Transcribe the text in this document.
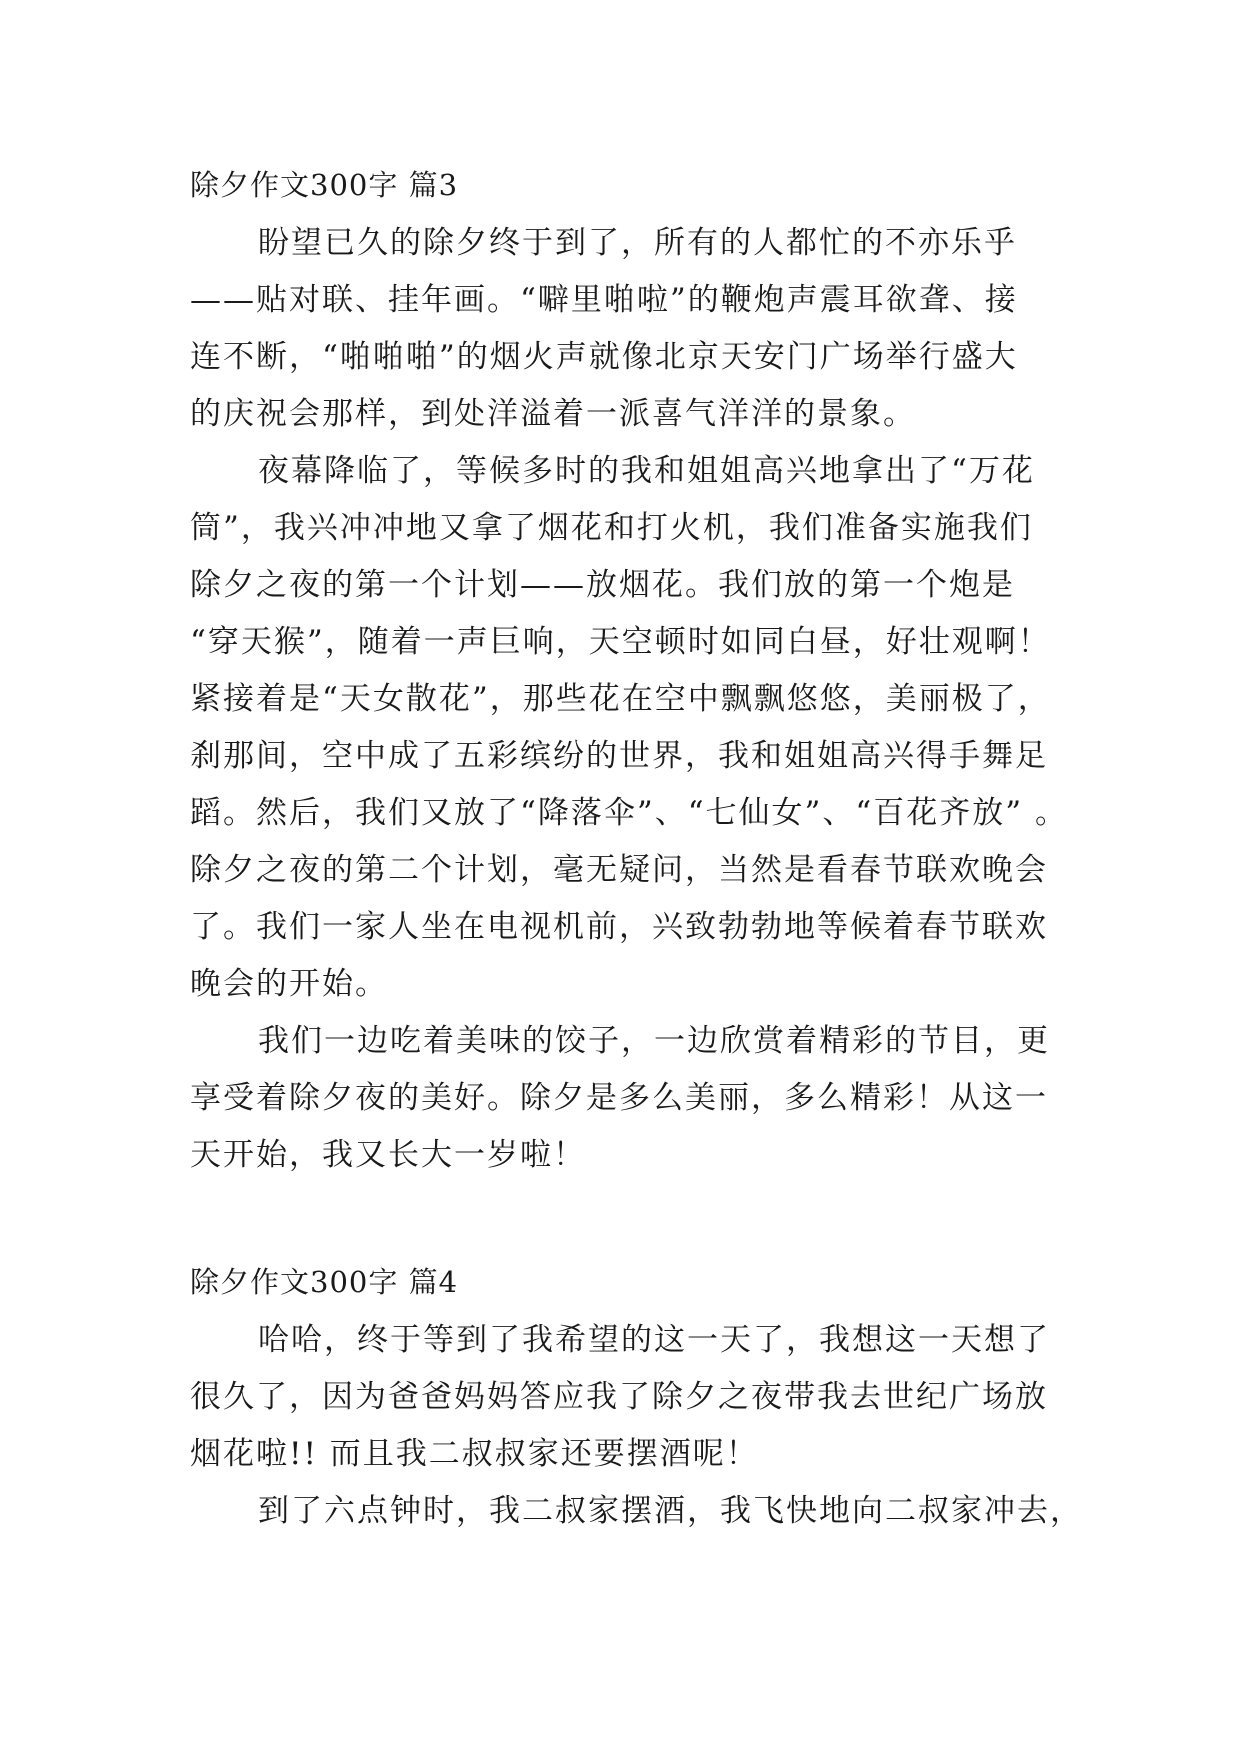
除夕作文300字 篇3
盼望已久的除夕终于到了，所有的人都忙的不亦乐乎
——贴对联、挂年画。“噼里啪啦”的鞭炮声震耳欲聋、接
连不断，“啪啪啪”的烟火声就像北京天安门广场举行盛大
的庆祝会那样，到处洋溢着一派喜气洋洋的景象。
夜幕降临了，等候多时的我和姐姐高兴地拿出了“万花
筒”，我兴冲冲地又拿了烟花和打火机，我们准备实施我们
除夕之夜的第一个计划——放烟花。我们放的第一个炮是
“穿天猴”，随着一声巨响，天空顿时如同白昼，好壮观啊！
紧接着是“天女散花”，那些花在空中飘飘悠悠，美丽极了，
刹那间，空中成了五彩缤纷的世界，我和姐姐高兴得手舞足
蹈。然后，我们又放了“降落伞”、“七仙女”、“百花齐放” 。
除夕之夜的第二个计划，毫无疑问，当然是看春节联欢晚会
了。我们一家人坐在电视机前，兴致勃勃地等候着春节联欢
晚会的开始。
我们一边吃着美味的饺子，一边欣赏着精彩的节目，更
享受着除夕夜的美好。除夕是多么美丽，多么精彩！从这一
天开始，我又长大一岁啦！
除夕作文300字 篇4
哈哈，终于等到了我希望的这一天了，我想这一天想了
很久了，因为爸爸妈妈答应我了除夕之夜带我去世纪广场放
烟花啦!! 而且我二叔叔家还要摆酒呢！
到了六点钟时，我二叔家摆酒，我飞快地向二叔家冲去，
